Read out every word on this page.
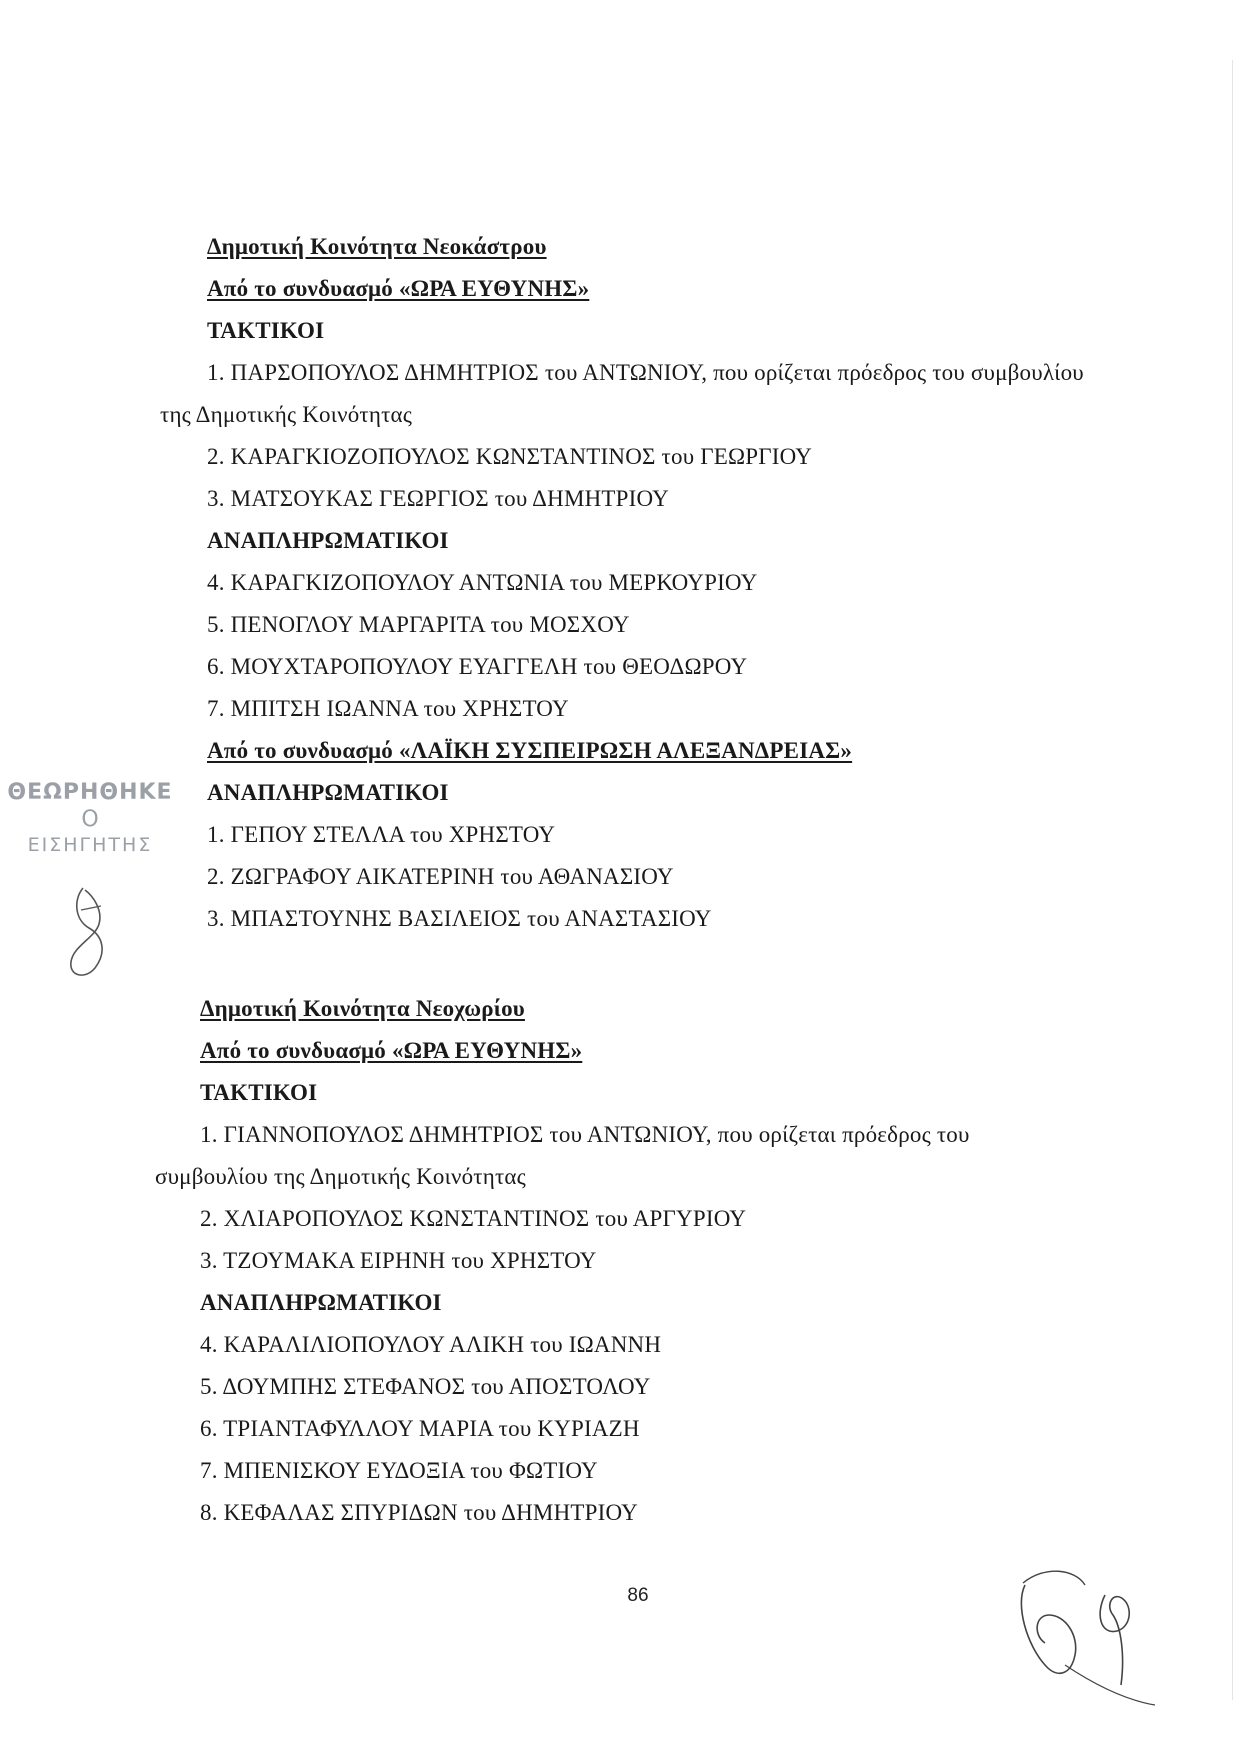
Δημοτική Κοινότητα Νεοκάστρου
Από το συνδυασμό «ΩΡΑ ΕΥΘΥΝΗΣ»
ΤΑΚΤΙΚΟΙ
1. ΠΑΡΣΟΠΟΥΛΟΣ ΔΗΜΗΤΡΙΟΣ του ΑΝΤΩΝΙΟΥ, που ορίζεται πρόεδρος του συμβουλίου
της Δημοτικής Κοινότητας
2. ΚΑΡΑΓΚΙΟΖΟΠΟΥΛΟΣ ΚΩΝΣΤΑΝΤΙΝΟΣ του ΓΕΩΡΓΙΟΥ
3. ΜΑΤΣΟΥΚΑΣ ΓΕΩΡΓΙΟΣ του ΔΗΜΗΤΡΙΟΥ
ΑΝΑΠΛΗΡΩΜΑΤΙΚΟΙ
4. ΚΑΡΑΓΚΙΖΟΠΟΥΛΟΥ ΑΝΤΩΝΙΑ του ΜΕΡΚΟΥΡΙΟΥ
5. ΠΕΝΟΓΛΟΥ ΜΑΡΓΑΡΙΤΑ του ΜΟΣΧΟΥ
6. ΜΟΥΧΤΑΡΟΠΟΥΛΟΥ ΕΥΑΓΓΕΛΗ του ΘΕΟΔΩΡΟΥ
7. ΜΠΙΤΣΗ ΙΩΑΝΝΑ του ΧΡΗΣΤΟΥ
Από το συνδυασμό «ΛΑΪΚΗ ΣΥΣΠΕΙΡΩΣΗ ΑΛΕΞΑΝΔΡΕΙΑΣ»
ΑΝΑΠΛΗΡΩΜΑΤΙΚΟΙ
1. ΓΕΠΟΥ ΣΤΕΛΛΑ του ΧΡΗΣΤΟΥ
2. ΖΩΓΡΑΦΟΥ ΑΙΚΑΤΕΡΙΝΗ του ΑΘΑΝΑΣΙΟΥ
3. ΜΠΑΣΤΟΥΝΗΣ ΒΑΣΙΛΕΙΟΣ του ΑΝΑΣΤΑΣΙΟΥ
Δημοτική Κοινότητα Νεοχωρίου
Από το συνδυασμό «ΩΡΑ ΕΥΘΥΝΗΣ»
ΤΑΚΤΙΚΟΙ
1. ΓΙΑΝΝΟΠΟΥΛΟΣ ΔΗΜΗΤΡΙΟΣ του ΑΝΤΩΝΙΟΥ, που ορίζεται πρόεδρος του
συμβουλίου της Δημοτικής Κοινότητας
2. ΧΛΙΑΡΟΠΟΥΛΟΣ ΚΩΝΣΤΑΝΤΙΝΟΣ του ΑΡΓΥΡΙΟΥ
3. ΤΖΟΥΜΑΚΑ ΕΙΡΗΝΗ του ΧΡΗΣΤΟΥ
ΑΝΑΠΛΗΡΩΜΑΤΙΚΟΙ
4. ΚΑΡΑΛΙΛΙΟΠΟΥΛΟΥ ΑΛΙΚΗ του ΙΩΑΝΝΗ
5. ΔΟΥΜΠΗΣ ΣΤΕΦΑΝΟΣ του ΑΠΟΣΤΟΛΟΥ
6. ΤΡΙΑΝΤΑΦΥΛΛΟΥ ΜΑΡΙΑ του ΚΥΡΙΑΖΗ
7. ΜΠΕΝΙΣΚΟΥ ΕΥΔΟΞΙΑ του ΦΩΤΙΟΥ
8. ΚΕΦΑΛΑΣ ΣΠΥΡΙΔΩΝ του ΔΗΜΗΤΡΙΟΥ
86
ΘΕΩΡΗΘΗΚΕ
Ο
ΕΙΣΗΓΗΤΗΣ
